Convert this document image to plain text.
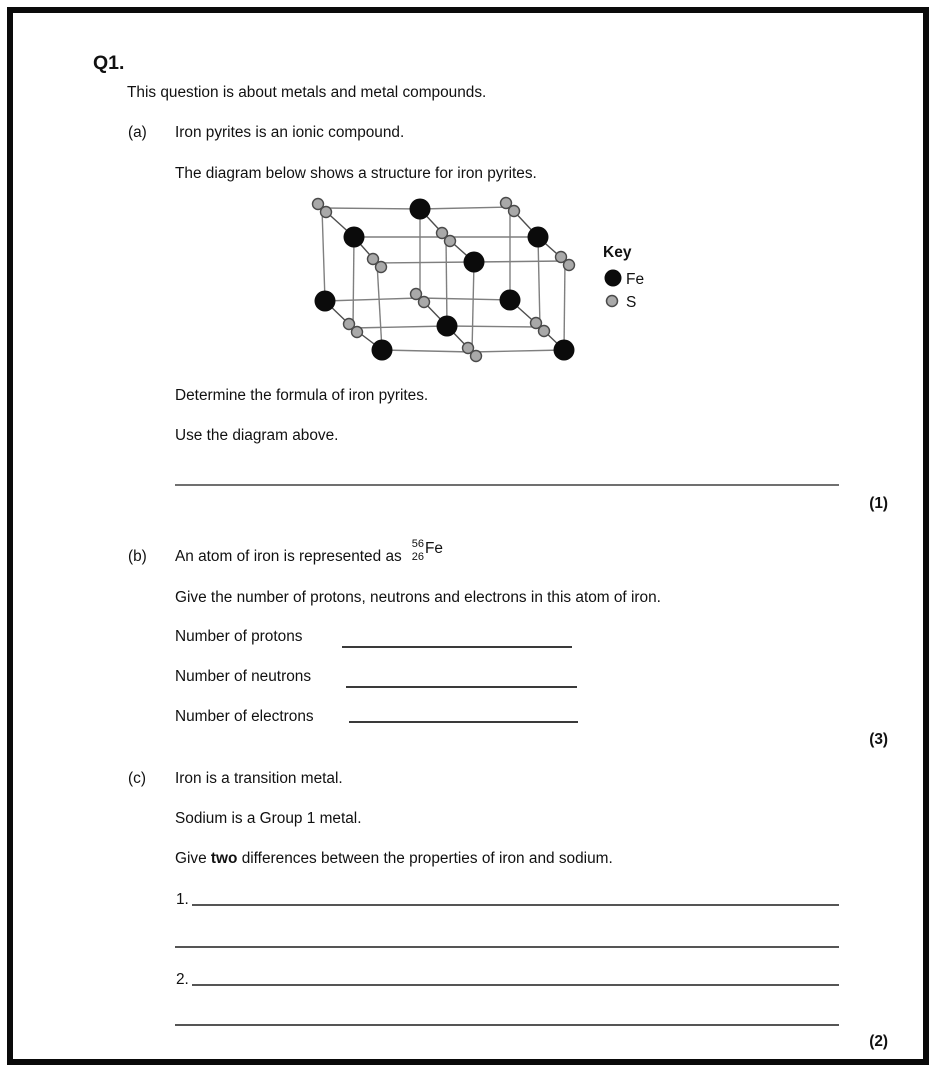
Q1.
This question is about metals and metal compounds.
(a) Iron pyrites is an ionic compound.
The diagram below shows a structure for iron pyrites.
Key
Fe
S
Determine the formula of iron pyrites.
Use the diagram above.
(1)
(b) An atom of iron is represented as
56
26 Fe
Give the number of protons, neutrons and electrons in this atom of iron.
Number of protons
Number of neutrons
Number of electrons
(3)
(c) Iron is a transition metal.
Sodium is a Group 1 metal.
Give two differences between the properties of iron and sodium.
1.
2.
(2)
